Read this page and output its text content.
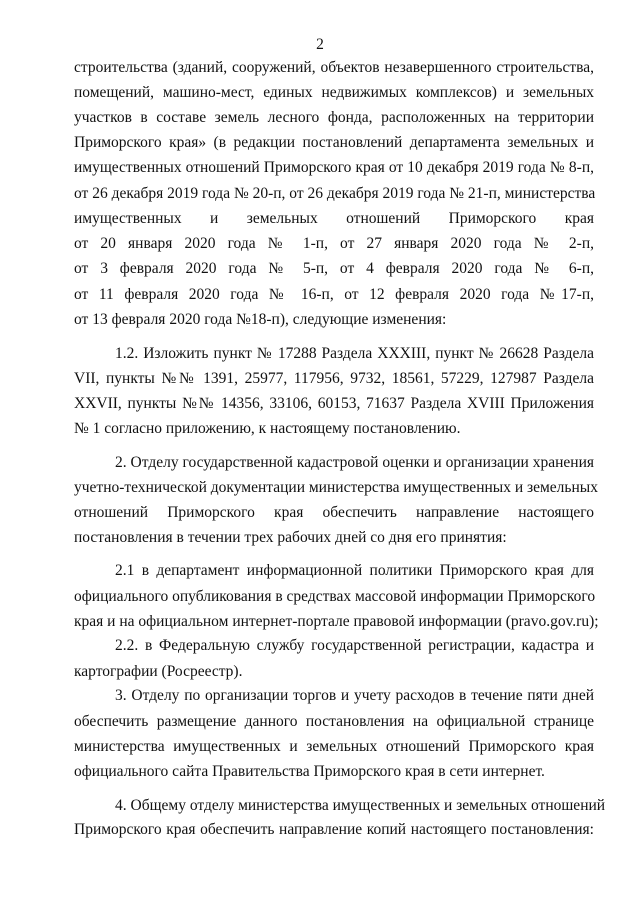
2
строительства (зданий, сооружений, объектов незавершенного строительства,
помещений, машино-мест, единых недвижимых комплексов) и земельных
участков в составе земель лесного фонда, расположенных на территории
Приморского края» (в редакции постановлений департамента земельных и
имущественных отношений Приморского края от 10 декабря 2019 года № 8-п,
от 26 декабря 2019 года № 20-п, от 26 декабря 2019 года № 21-п, министерства
имущественных и земельных отношений Приморского края
от 20 января 2020 года № 1-п, от 27 января 2020 года № 2-п,
от 3 февраля 2020 года № 5-п, от 4 февраля 2020 года № 6-п,
от 11 февраля 2020 года № 16-п, от 12 февраля 2020 года №17-п,
от 13 февраля 2020 года №18-п), следующие изменения:
1.2. Изложить пункт № 17288 Раздела XXXIII, пункт № 26628 Раздела
VII, пункты №№ 1391, 25977, 117956, 9732, 18561, 57229, 127987 Раздела
XXVII, пункты №№ 14356, 33106, 60153, 71637 Раздела XVIII Приложения
№ 1 согласно приложению, к настоящему постановлению.
2. Отделу государственной кадастровой оценки и организации хранения
учетно-технической документации министерства имущественных и земельных
отношений Приморского края обеспечить направление настоящего
постановления в течении трех рабочих дней со дня его принятия:
2.1 в департамент информационной политики Приморского края для
официального опубликования в средствах массовой информации Приморского
края и на официальном интернет-портале правовой информации (pravo.gov.ru);
2.2. в Федеральную службу государственной регистрации, кадастра и
картографии (Росреестр).
3. Отделу по организации торгов и учету расходов в течение пяти дней
обеспечить размещение данного постановления на официальной странице
министерства имущественных и земельных отношений Приморского края
официального сайта Правительства Приморского края в сети интернет.
4. Общему отделу министерства имущественных и земельных отношений
Приморского края обеспечить направление копий настоящего постановления:
